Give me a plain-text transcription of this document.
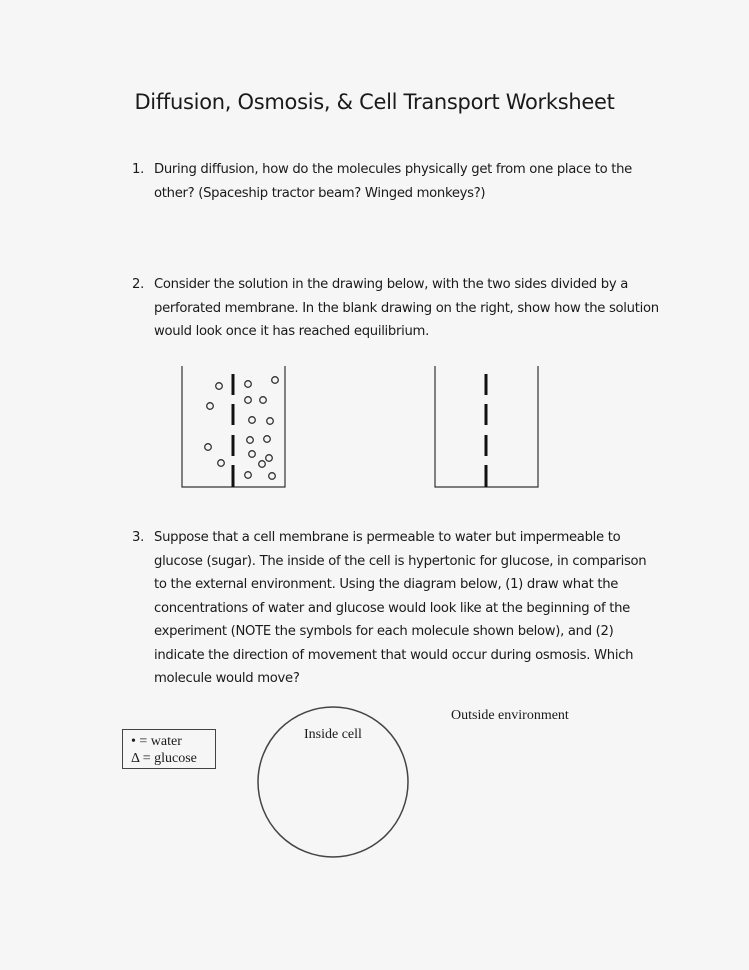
Diffusion, Osmosis, & Cell Transport Worksheet
1. During diffusion, how do the molecules physically get from one place to the
other? (Spaceship tractor beam? Winged monkeys?)
2. Consider the solution in the drawing below, with the two sides divided by a
perforated membrane. In the blank drawing on the right, show how the solution
would look once it has reached equilibrium.
3. Suppose that a cell membrane is permeable to water but impermeable to
glucose (sugar). The inside of the cell is hypertonic for glucose, in comparison
to the external environment. Using the diagram below, (1) draw what the
concentrations of water and glucose would look like at the beginning of the
experiment (NOTE the symbols for each molecule shown below), and (2)
indicate the direction of movement that would occur during osmosis. Which
molecule would move?
• = water
Δ = glucose
Inside cell
Outside environment
